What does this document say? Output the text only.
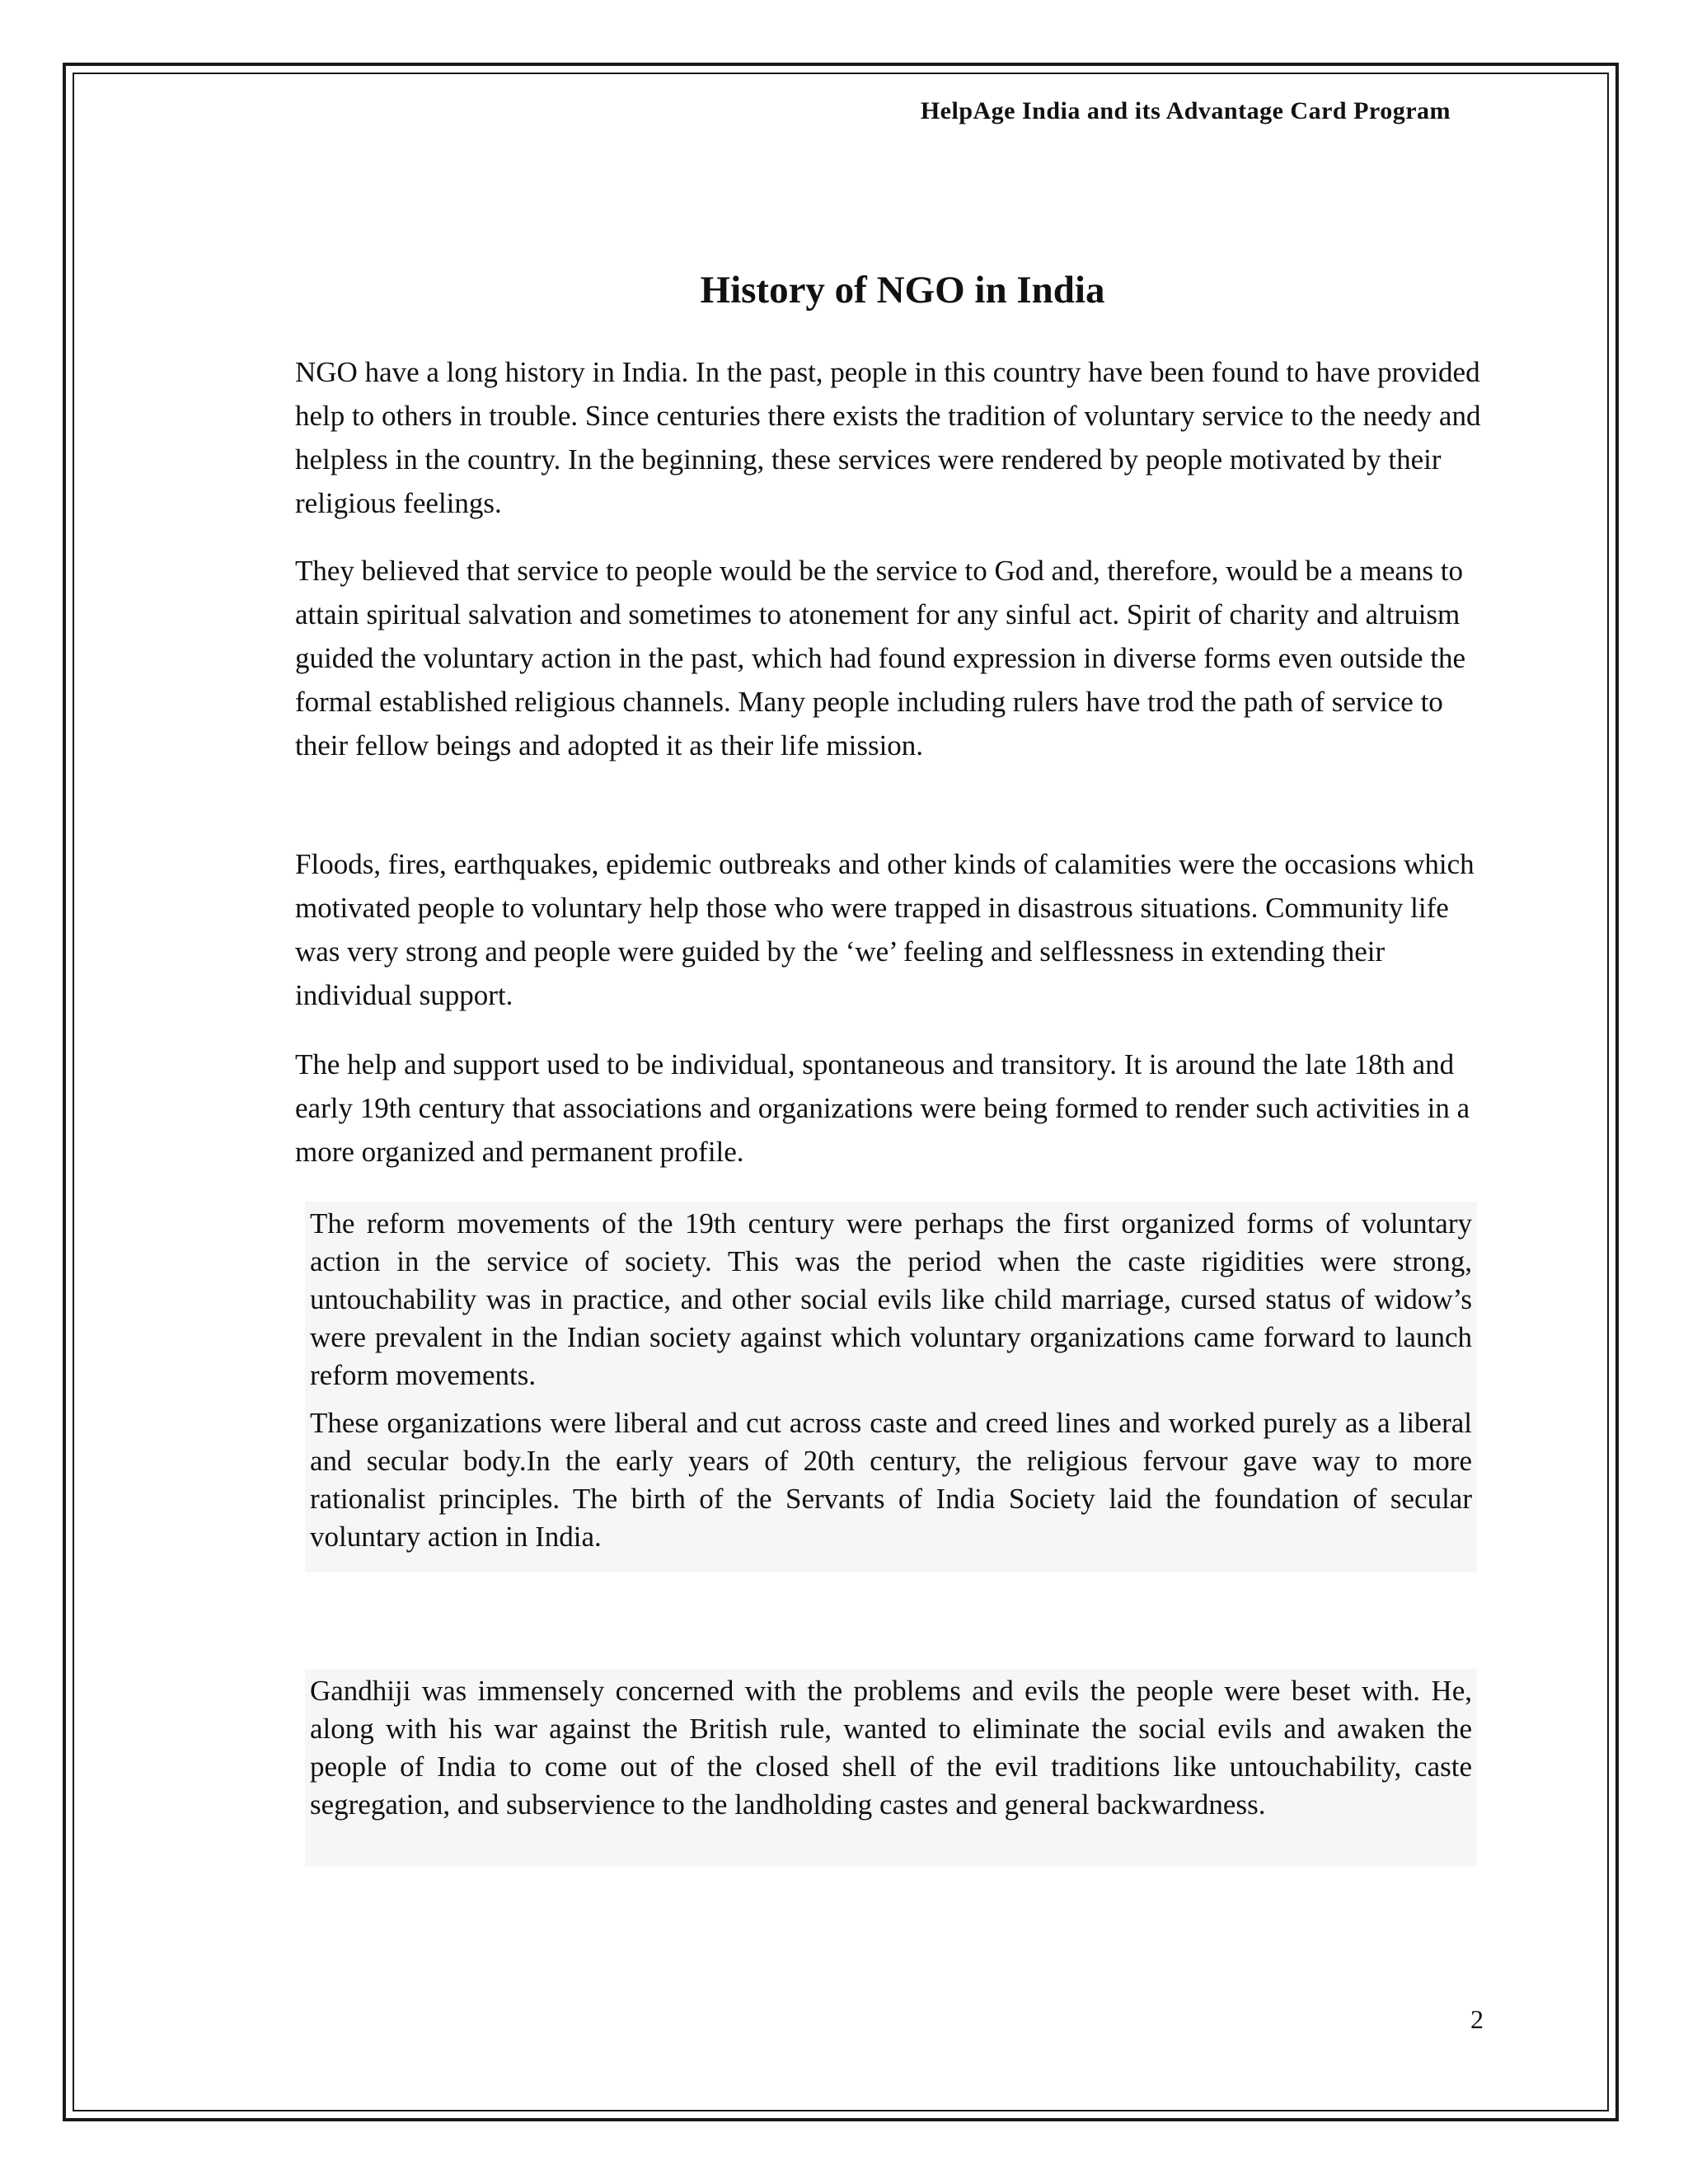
HelpAge India and its Advantage Card Program
History of NGO in India

NGO have a long history in India. In the past, people in this country have been found to have provided help to others in trouble. Since centuries there exists the tradition of voluntary service to the needy and helpless in the country. In the beginning, these services were rendered by people motivated by their religious feelings.

They believed that service to people would be the service to God and, therefore, would be a means to attain spiritual salvation and sometimes to atonement for any sinful act. Spirit of charity and altruism guided the voluntary action in the past, which had found expression in diverse forms even outside the formal established religious channels. Many people including rulers have trod the path of service to their fellow beings and adopted it as their life mission.

Floods, fires, earthquakes, epidemic outbreaks and other kinds of calamities were the occasions which motivated people to voluntary help those who were trapped in disastrous situations. Community life was very strong and people were guided by the ‘we’ feeling and selflessness in extending their individual support.

The help and support used to be individual, spontaneous and transitory. It is around the late 18th and early 19th century that associations and organizations were being formed to render such activities in a more organized and permanent profile.

The reform movements of the 19th century were perhaps the first organized forms of voluntary action in the service of society. This was the period when the caste rigidities were strong, untouchability was in practice, and other social evils like child marriage, cursed status of widow’s were prevalent in the Indian society against which voluntary organizations came forward to launch reform movements.

These organizations were liberal and cut across caste and creed lines and worked purely as a liberal and secular body.In the early years of 20th century, the religious fervour gave way to more rationalist principles. The birth of the Servants of India Society laid the foundation of secular voluntary action in India.

Gandhiji was immensely concerned with the problems and evils the people were beset with. He, along with his war against the British rule, wanted to eliminate the social evils and awaken the people of India to come out of the closed shell of the evil traditions like untouchability, caste segregation, and subservience to the landholding castes and general backwardness.

2
